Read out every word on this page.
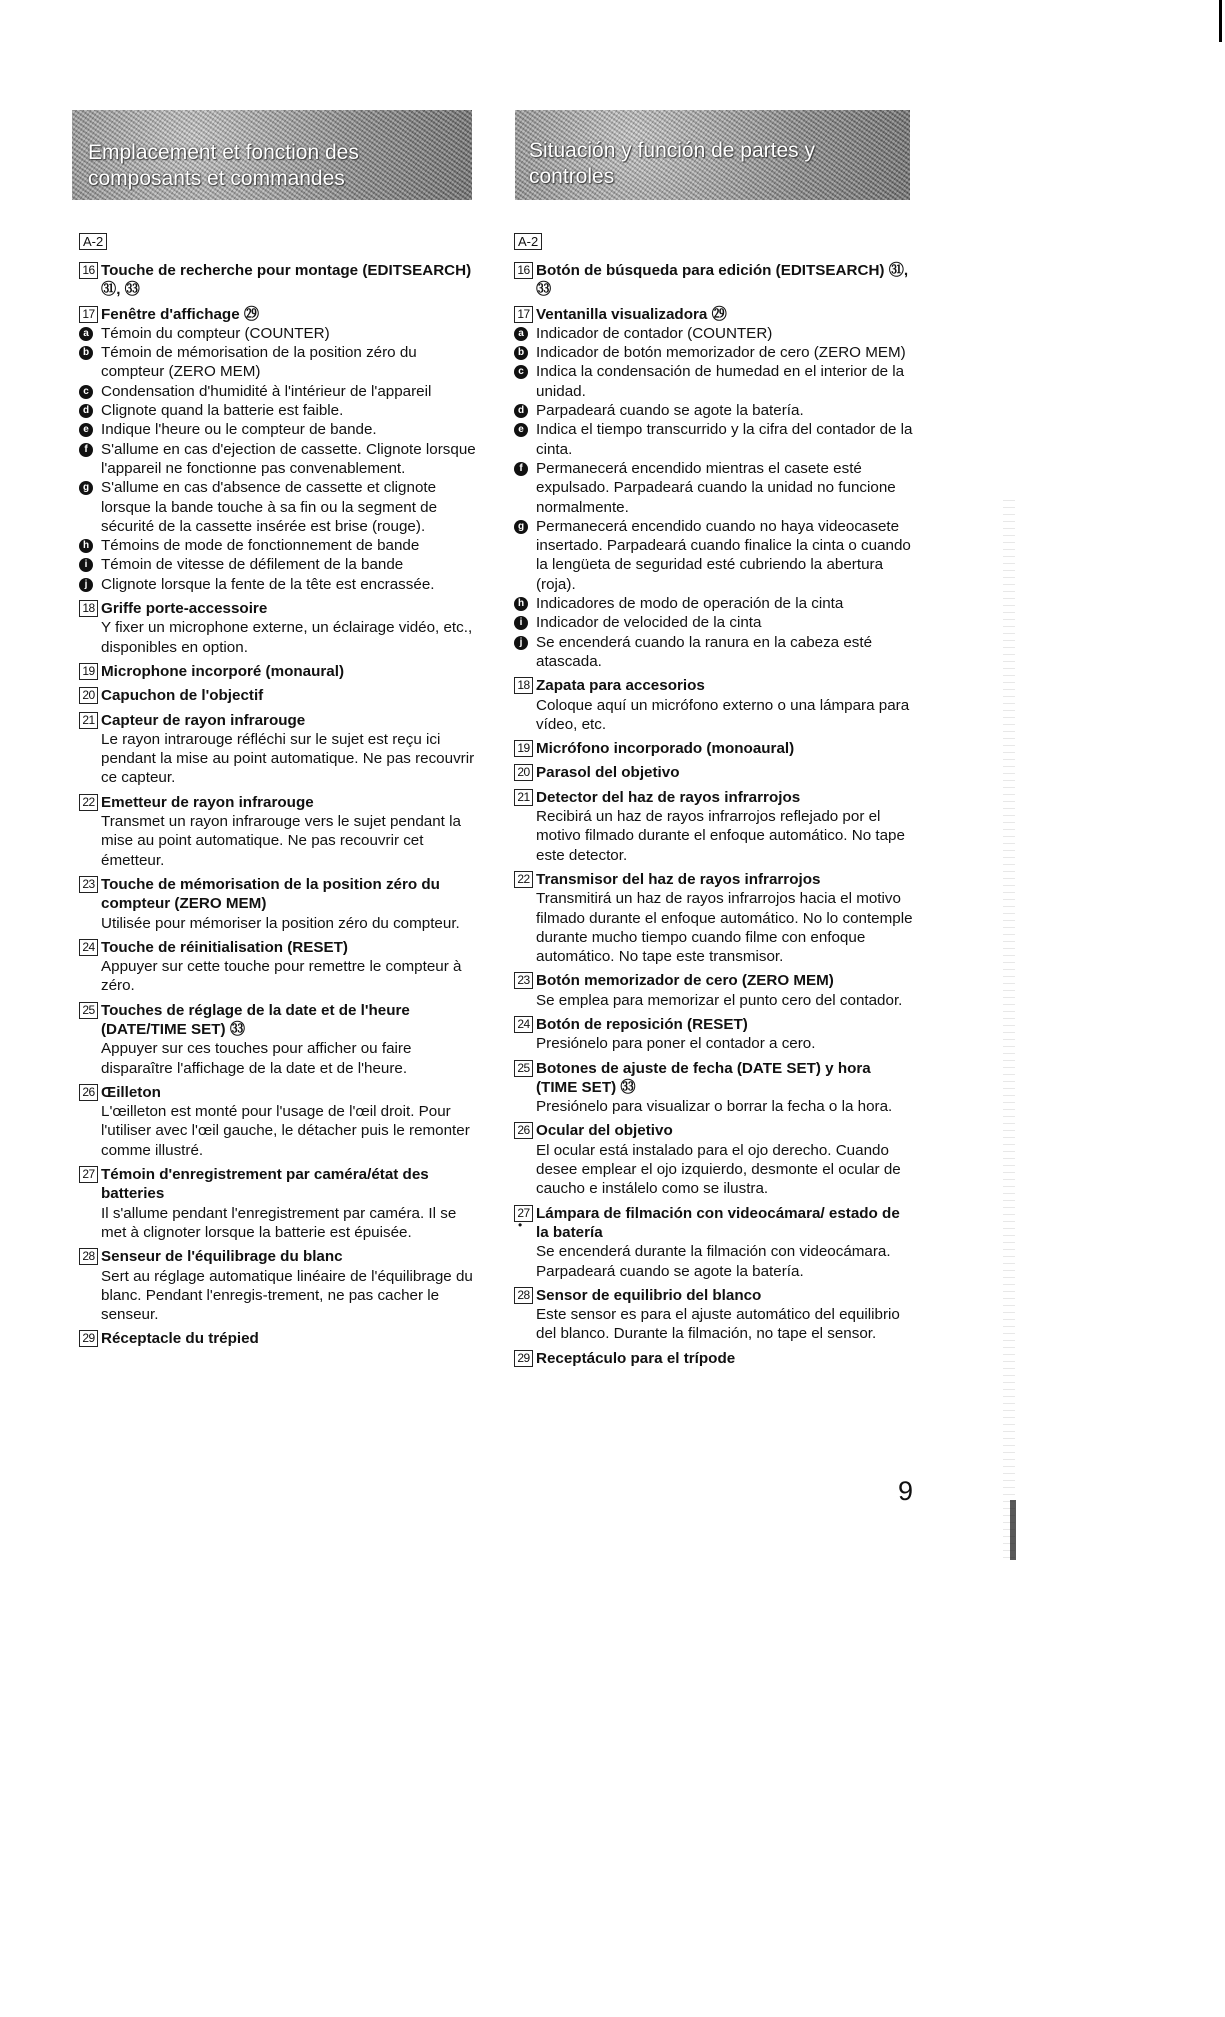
Emplacement et fonction des composants et commandes
Situación y función de partes y controles
A-2
16 Touche de recherche pour montage (EDITSEARCH) ㉛, ㉝

17 Fenêtre d'affichage ㉙

a Témoin du compteur (COUNTER)

b Témoin de mémorisation de la position zéro du compteur (ZERO MEM)

c Condensation d'humidité à l'intérieur de l'appareil

d Clignote quand la batterie est faible.

e Indique l'heure ou le compteur de bande.

f S'allume en cas d'ejection de cassette. Clignote lorsque l'appareil ne fonctionne pas convenablement.

g S'allume en cas d'absence de cassette et clignote lorsque la bande touche à sa fin ou la segment de sécurité de la cassette insérée est brise (rouge).

h Témoins de mode de fonctionnement de bande

i Témoin de vitesse de défilement de la bande

j Clignote lorsque la fente de la tête est encrassée.

18 Griffe porte-accessoire

Y fixer un microphone externe, un éclairage vidéo, etc., disponibles en option.

19 Microphone incorporé (monaural)

20 Capuchon de l'objectif

21 Capteur de rayon infrarouge

Le rayon intrarouge réfléchi sur le sujet est reçu ici pendant la mise au point automatique. Ne pas recouvrir ce capteur.

22 Emetteur de rayon infrarouge

Transmet un rayon infrarouge vers le sujet pendant la mise au point automatique. Ne pas recouvrir cet émetteur.

23 Touche de mémorisation de la position zéro du compteur (ZERO MEM)

Utilisée pour mémoriser la position zéro du compteur.

24 Touche de réinitialisation (RESET)

Appuyer sur cette touche pour remettre le compteur à zéro.

25 Touches de réglage de la date et de l'heure (DATE/TIME SET) ㉝

Appuyer sur ces touches pour afficher ou faire disparaître l'affichage de la date et de l'heure.

26 Œilleton

L'œilleton est monté pour l'usage de l'œil droit. Pour l'utiliser avec l'œil gauche, le détacher puis le remonter comme illustré.

27 Témoin d'enregistrement par caméra/état des batteries

Il s'allume pendant l'enregistrement par caméra. Il se met à clignoter lorsque la batterie est épuisée.

28 Senseur de l'équilibrage du blanc

Sert au réglage automatique linéaire de l'équilibrage du blanc. Pendant l'enregis-trement, ne pas cacher le senseur.

29 Réceptacle du trépied

A-2
16 Botón de búsqueda para edición (EDITSEARCH) ㉛, ㉝

17 Ventanilla visualizadora ㉙

a Indicador de contador (COUNTER)

b Indicador de botón memorizador de cero (ZERO MEM)

c Indica la condensación de humedad en el interior de la unidad.

d Parpadeará cuando se agote la batería.

e Indica el tiempo transcurrido y la cifra del contador de la cinta.

f Permanecerá encendido mientras el casete esté expulsado. Parpadeará cuando la unidad no funcione normalmente.

g Permanecerá encendido cuando no haya videocasete insertado. Parpadeará cuando finalice la cinta o cuando la lengüeta de seguridad esté cubriendo la abertura (roja).

h Indicadores de modo de operación de la cinta

i Indicador de velocided de la cinta

j Se encenderá cuando la ranura en la cabeza esté atascada.

18 Zapata para accesorios

Coloque aquí un micrófono externo o una lámpara para vídeo, etc.

19 Micrófono incorporado (monoaural)

20 Parasol del objetivo

21 Detector del haz de rayos infrarrojos

Recibirá un haz de rayos infrarrojos reflejado por el motivo filmado durante el enfoque automático. No tape este detector.

22 Transmisor del haz de rayos infrarrojos

Transmitirá un haz de rayos infrarrojos hacia el motivo filmado durante el enfoque automático. No lo contemple durante mucho tiempo cuando filme con enfoque automático. No tape este transmisor.

23 Botón memorizador de cero (ZERO MEM)

Se emplea para memorizar el punto cero del contador.

24 Botón de reposición (RESET)

Presiónelo para poner el contador a cero.

25 Botones de ajuste de fecha (DATE SET) y hora (TIME SET) ㉝

Presiónelo para visualizar o borrar la fecha o la hora.

26 Ocular del objetivo

El ocular está instalado para el ojo derecho. Cuando desee emplear el ojo izquierdo, desmonte el ocular de caucho e instálelo como se ilustra.

27 Lámpara de filmación con videocámara/ estado de la batería

Se encenderá durante la filmación con videocámara. Parpadeará cuando se agote la batería.

28 Sensor de equilibrio del blanco

Este sensor es para el ajuste automático del equilibrio del blanco. Durante la filmación, no tape el sensor.

29 Receptáculo para el trípode

•
9
